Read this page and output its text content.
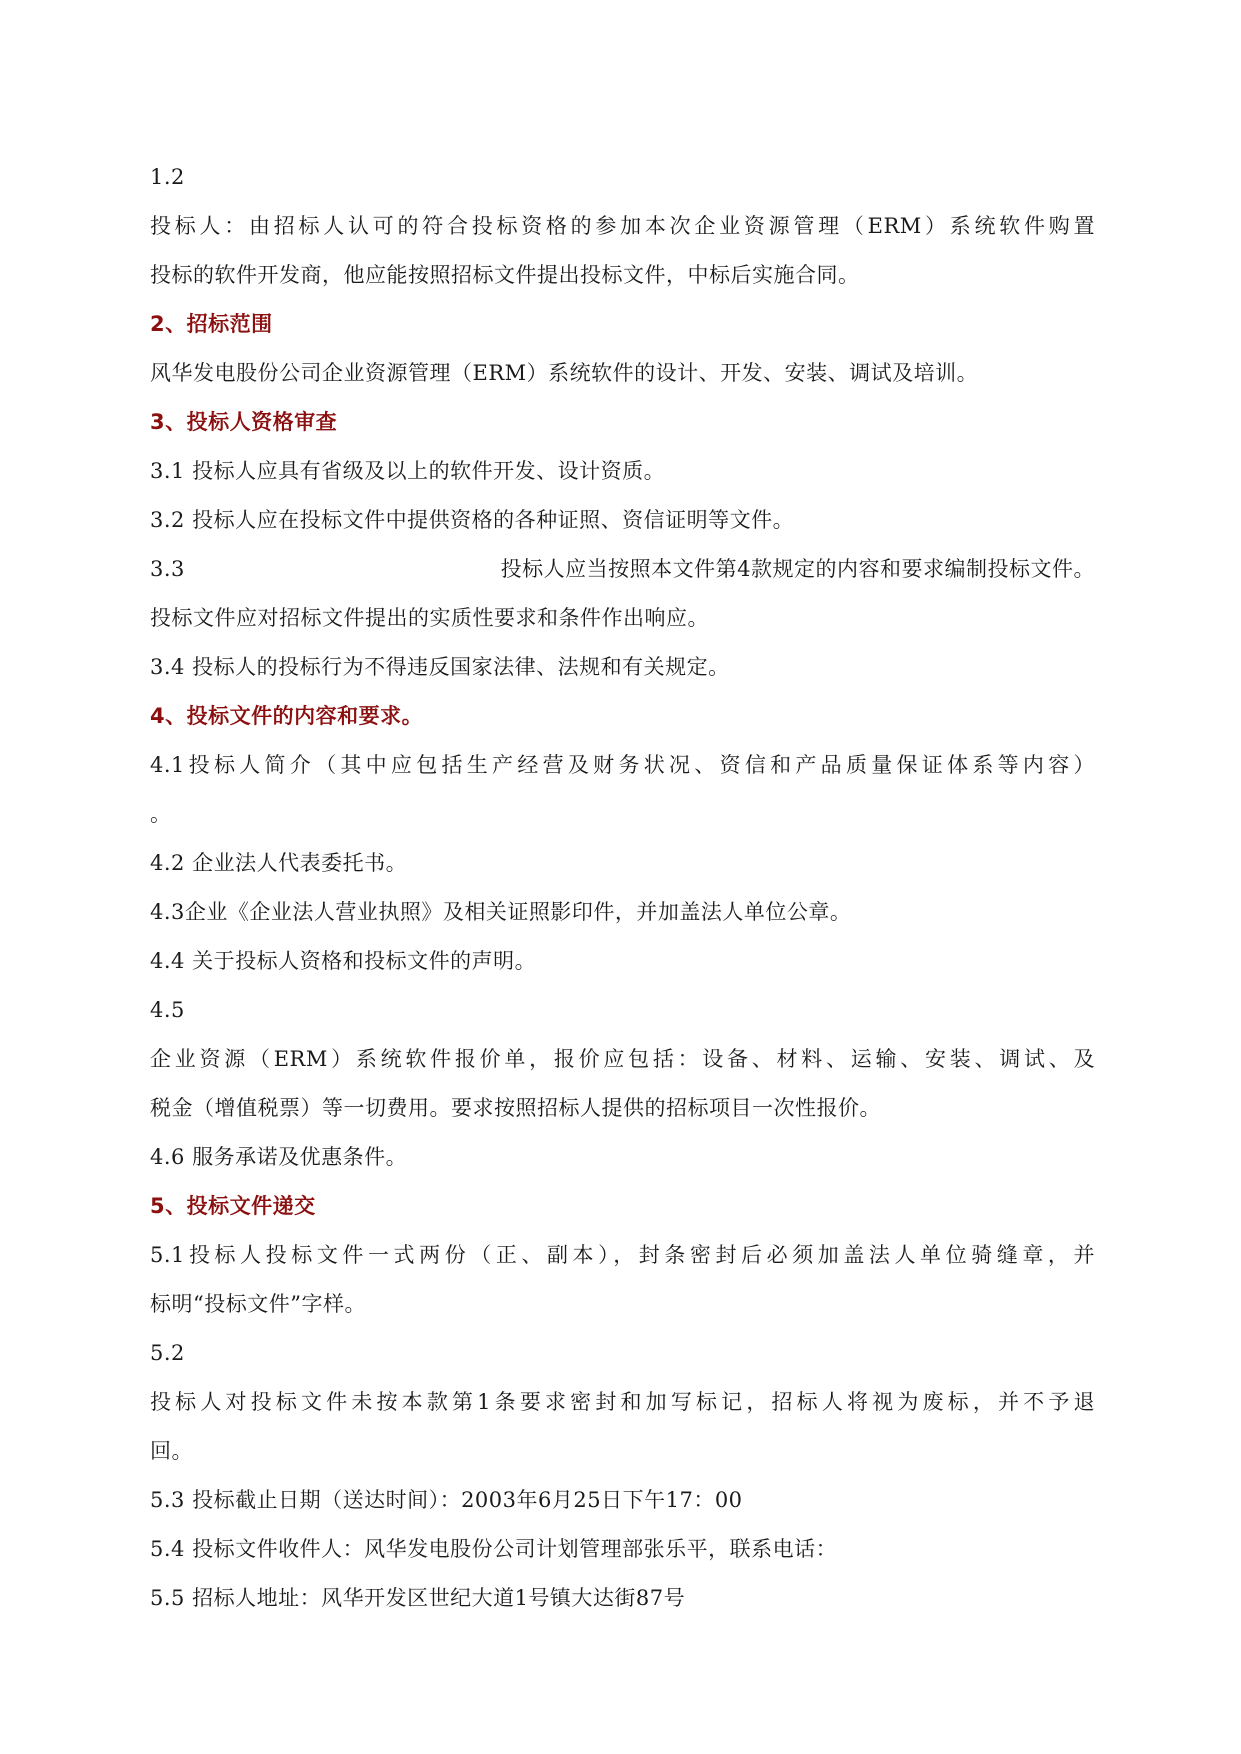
1.2
投标人：由招标人认可的符合投标资格的参加本次企业资源管理（ERM）系统软件购置
投标的软件开发商，他应能按照招标文件提出投标文件，中标后实施合同。
2、招标范围
风华发电股份公司企业资源管理（ERM）系统软件的设计、开发、安装、调试及培训。
3、投标人资格审查
3.1 投标人应具有省级及以上的软件开发、设计资质。
3.2 投标人应在投标文件中提供资格的各种证照、资信证明等文件。
3.3	投标人应当按照本文件第4款规定的内容和要求编制投标文件。
投标文件应对招标文件提出的实质性要求和条件作出响应。
3.4 投标人的投标行为不得违反国家法律、法规和有关规定。
4、投标文件的内容和要求。
4.1投标人简介（其中应包括生产经营及财务状况、资信和产品质量保证体系等内容）
。
4.2 企业法人代表委托书。
4.3企业《企业法人营业执照》及相关证照影印件，并加盖法人单位公章。
4.4 关于投标人资格和投标文件的声明。
4.5
企业资源（ERM）系统软件报价单，报价应包括：设备、材料、运输、安装、调试、及
税金（增值税票）等一切费用。要求按照招标人提供的招标项目一次性报价。
4.6 服务承诺及优惠条件。
5、投标文件递交
5.1投标人投标文件一式两份（正、副本），封条密封后必须加盖法人单位骑缝章，并
标明“投标文件”字样。
5.2
投标人对投标文件未按本款第1条要求密封和加写标记，招标人将视为废标，并不予退
回。
5.3 投标截止日期（送达时间）：2003年6月25日下午17：00
5.4 投标文件收件人：风华发电股份公司计划管理部张乐平，联系电话：
5.5 招标人地址：风华开发区世纪大道1号镇大达街87号
